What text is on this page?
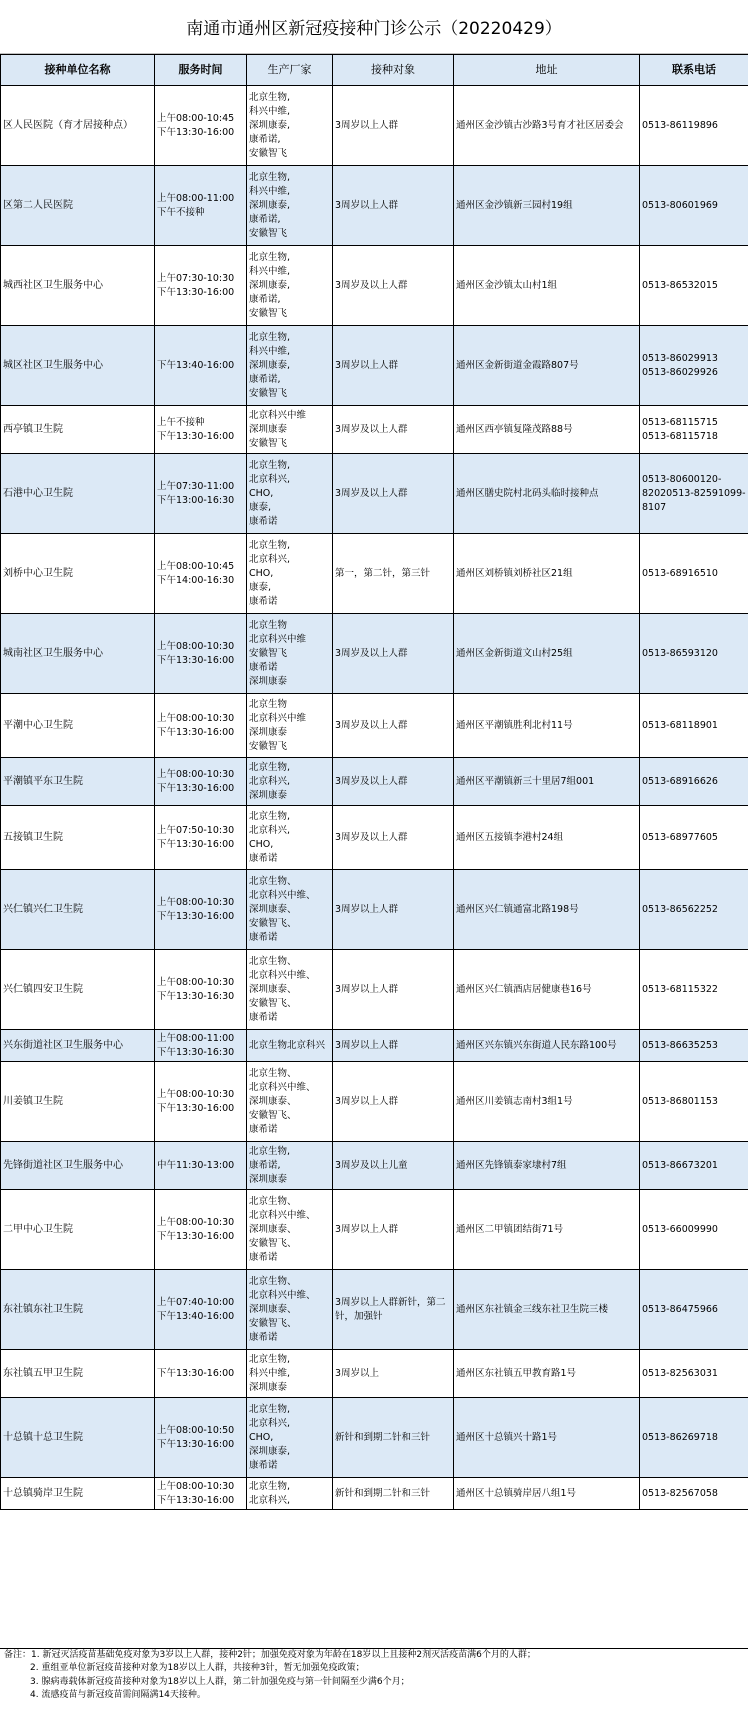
南通市通州区新冠疫接种门诊公示（20220429）
接种单位名称	服务时间	生产厂家	接种对象	地址	联系电话
区人民医院（育才居接种点）	上午08:00-10:45
下午13:30-16:00	北京生物,
科兴中维,
深圳康泰,
康希诺,
安徽智飞	3周岁以上人群	通州区金沙镇古沙路3号育才社区居委会	0513-86119896

区第二人民医院	上午08:00-11:00
下午不接种	北京生物,
科兴中维,
深圳康泰,
康希诺,
安徽智飞	3周岁以上人群	通州区金沙镇新三园村19组	0513-80601969

城西社区卫生服务中心	上午07:30-10:30
下午13:30-16:00	北京生物,
科兴中维,
深圳康泰,
康希诺,
安徽智飞	3周岁及以上人群	通州区金沙镇太山村1组	0513-86532015

城区社区卫生服务中心	下午13:40-16:00	北京生物,
科兴中维,
深圳康泰,
康希诺,
安徽智飞	3周岁以上人群	通州区金新街道金霞路807号	0513-86029913
0513-86029926

西亭镇卫生院	上午不接种
下午13:30-16:00	北京科兴中维
深圳康泰
安徽智飞	3周岁及以上人群	通州区西亭镇复隆茂路88号	0513-68115715
0513-68115718

石港中心卫生院	上午07:30-11:00
下午13:00-16:30	北京生物,
北京科兴,
CHO,
康泰,
康希诺	3周岁及以上人群	通州区膳史院村北码头临时接种点	0513-80600120-
82020513-82591099-
8107

刘桥中心卫生院	上午08:00-10:45
下午14:00-16:30	北京生物,
北京科兴,
CHO,
康泰,
康希诺	第一，第二针，第三针	通州区刘桥镇刘桥社区21组	0513-68916510

城南社区卫生服务中心	上午08:00-10:30
下午13:30-16:00	北京生物
北京科兴中维
安徽智飞
康希诺
深圳康泰	3周岁及以上人群	通州区金新街道文山村25组	0513-86593120

平潮中心卫生院	上午08:00-10:30
下午13:30-16:00	北京生物
北京科兴中维
深圳康泰
安徽智飞	3周岁及以上人群	通州区平潮镇胜利北村11号	0513-68118901

平潮镇平东卫生院	上午08:00-10:30
下午13:30-16:00	北京生物,
北京科兴,
深圳康泰	3周岁及以上人群	通州区平潮镇新三十里居7组001	0513-68916626

五接镇卫生院	上午07:50-10:30
下午13:30-16:00	北京生物,
北京科兴,
CHO,
康希诺	3周岁及以上人群	通州区五接镇李港村24组	0513-68977605

兴仁镇兴仁卫生院	上午08:00-10:30
下午13:30-16:00	北京生物、
北京科兴中维、
深圳康泰、
安徽智飞、
康希诺	3周岁以上人群	通州区兴仁镇通富北路198号	0513-86562252

兴仁镇四安卫生院	上午08:00-10:30
下午13:30-16:30	北京生物、
北京科兴中维、
深圳康泰、
安徽智飞、
康希诺	3周岁以上人群	通州区兴仁镇酒店居健康巷16号	0513-68115322

兴东街道社区卫生服务中心	上午08:00-11:00
下午13:30-16:30	北京生物北京科兴	3周岁以上人群	通州区兴东镇兴东街道人民东路100号	0513-86635253

川姜镇卫生院	上午08:00-10:30
下午13:30-16:00	北京生物、
北京科兴中维、
深圳康泰、
安徽智飞、
康希诺	3周岁以上人群	通州区川姜镇志南村3组1号	0513-86801153

先锋街道社区卫生服务中心	中午11:30-13:00	北京生物,
康希诺,
深圳康泰	3周岁及以上儿童	通州区先锋镇泰家埭村7组	0513-86673201

二甲中心卫生院	上午08:00-10:30
下午13:30-16:00	北京生物、
北京科兴中维、
深圳康泰、
安徽智飞、
康希诺	3周岁以上人群	通州区二甲镇团结街71号	0513-66009990

东社镇东社卫生院	上午07:40-10:00
下午13:40-16:00	北京生物、
北京科兴中维、
深圳康泰、
安徽智飞、
康希诺	3周岁以上人群新针，第二针，加强针	通州区东社镇金三线东社卫生院三楼	0513-86475966

东社镇五甲卫生院	下午13:30-16:00	北京生物,
科兴中维,
深圳康泰	3周岁以上	通州区东社镇五甲教育路1号	0513-82563031

十总镇十总卫生院	上午08:00-10:50
下午13:30-16:00	北京生物,
北京科兴,
CHO,
深圳康泰,
康希诺	新针和到期二针和三针	通州区十总镇兴十路1号	0513-86269718

十总镇骑岸卫生院	上午08:00-10:30
下午13:30-16:00	北京生物,
北京科兴,	新针和到期二针和三针	通州区十总镇骑岸居八组1号	0513-82567058
备注：1. 新冠灭活疫苗基础免疫对象为3岁以上人群，接种2针；加强免疫对象为年龄在18岁以上且接种2剂灭活疫苗满6个月的人群；
2. 重组亚单位新冠疫苗接种对象为18岁以上人群，共接种3针，暂无加强免疫政策；
3. 腺病毒载体新冠疫苗接种对象为18岁以上人群，第二针加强免疫与第一针间隔至少满6个月；
4. 流感疫苗与新冠疫苗需间隔满14天接种。
